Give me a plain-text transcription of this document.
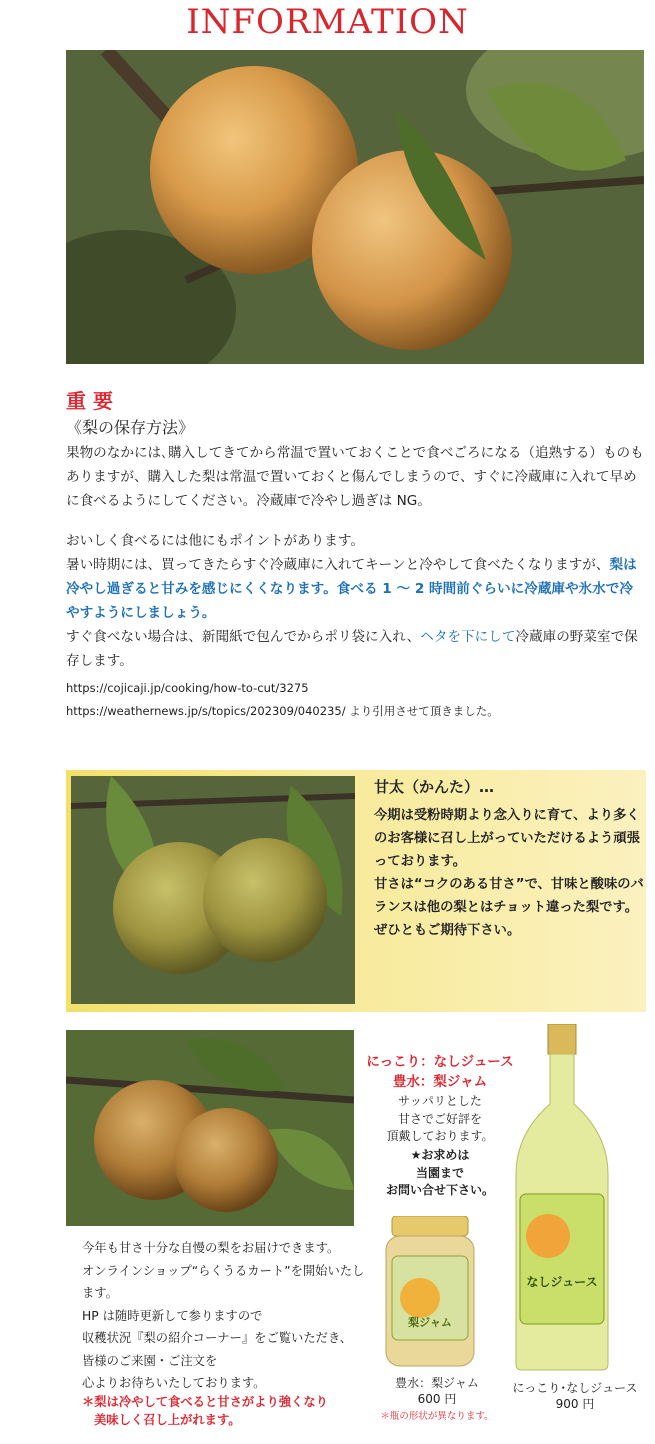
INFORMATION
重 要
《梨の保存方法》
果物のなかには､購入してきてから常温で置いておくことで食べごろになる（追熟する）ものもありますが、購入した梨は常温で置いておくと傷んでしまうので、すぐに冷蔵庫に入れて早めに食べるようにしてください。冷蔵庫で冷やし過ぎは NG。
おいしく食べるには他にもポイントがあります。
暑い時期には、買ってきたらすぐ冷蔵庫に入れてキーンと冷やして食べたくなりますが、梨は冷やし過ぎると甘みを感じにくくなります。食べる 1 ～ 2 時間前ぐらいに冷蔵庫や氷水で冷やすようにしましょう。
すぐ食べない場合は、新聞紙で包んでからポリ袋に入れ、ヘタを下にして冷蔵庫の野菜室で保存します。
https://cojicaji.jp/cooking/how-to-cut/3275
https://weathernews.jp/s/topics/202309/040235/ より引用させて頂きました。
甘太（かんた）…
今期は受粉時期より念入りに育て、より多くのお客様に召し上がっていただけるよう頑張っております。
甘さは“コクのある甘さ”で、甘味と酸味のバランスは他の梨とはチョット違った梨です。
ぜひともご期待下さい。
今年も甘さ十分な自慢の梨をお届けできます。
オンラインショップ“らくうるカート”を開始いたします。
HP は随時更新して参りますので
収穫状況『梨の紹介コーナー』をご覧いただき、
皆様のご来園・ご注文を
心よりお待ちいたしております。
＊梨は冷やして食べると甘さがより強くなり
美味しく召し上がれます。
にっこり：なしジュース
豊水：梨ジャム
サッパリとした
甘さでご好評を
頂戴しております。
★お求めは
当園まで
お問い合せ下さい。
梨ジャム
豊水：梨ジャム
600 円
＊瓶の形状が異なります。
なしジュース
にっこり･なしジュース
900 円
